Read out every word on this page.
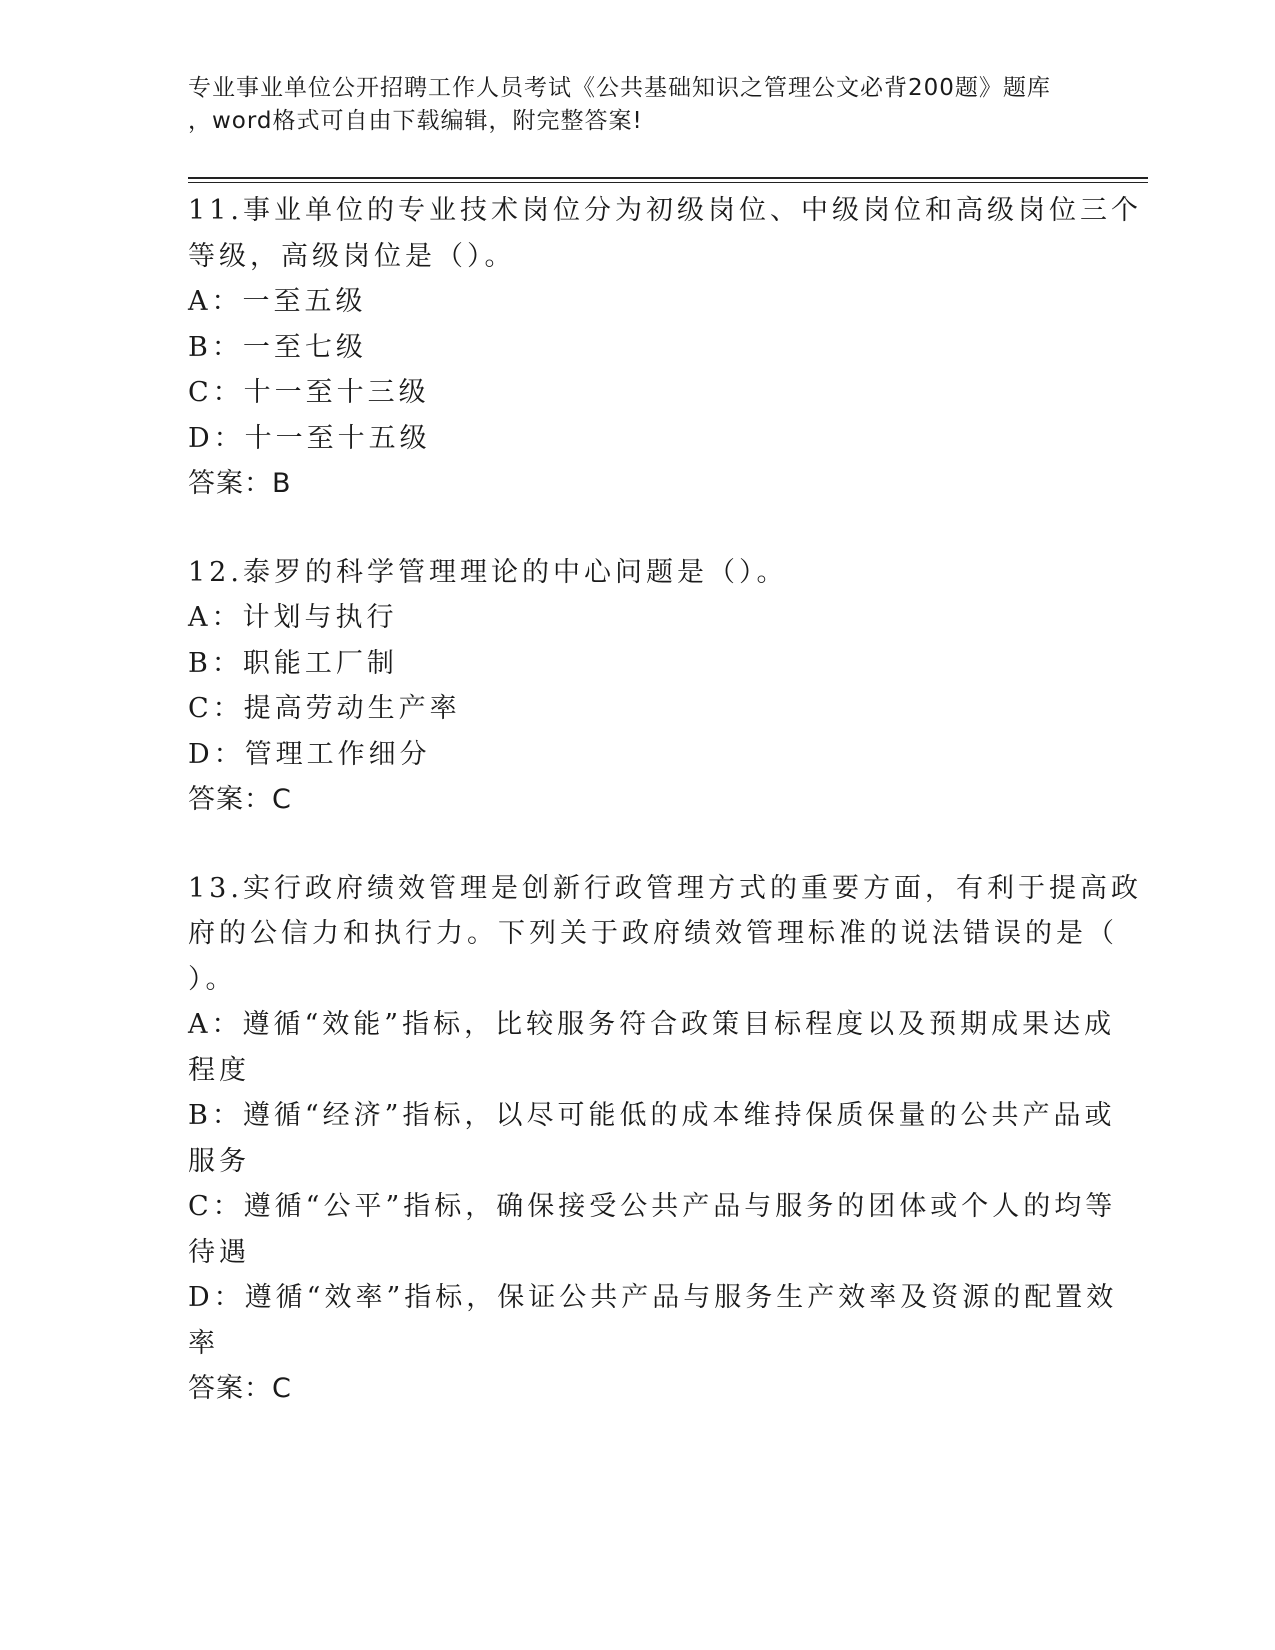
专业事业单位公开招聘工作人员考试《公共基础知识之管理公文必背200题》题库
，word格式可自由下载编辑，附完整答案!
11.事业单位的专业技术岗位分为初级岗位、中级岗位和高级岗位三个
等级，高级岗位是（）。
A：一至五级
B：一至七级
C：十一至十三级
D：十一至十五级
答案：B
12.泰罗的科学管理理论的中心问题是（）。
A：计划与执行
B：职能工厂制
C：提高劳动生产率
D：管理工作细分
答案：C
13.实行政府绩效管理是创新行政管理方式的重要方面，有利于提高政
府的公信力和执行力。下列关于政府绩效管理标准的说法错误的是（
）。
A：遵循“效能”指标，比较服务符合政策目标程度以及预期成果达成
程度
B：遵循“经济”指标，以尽可能低的成本维持保质保量的公共产品或
服务
C：遵循“公平”指标，确保接受公共产品与服务的团体或个人的均等
待遇
D：遵循“效率”指标，保证公共产品与服务生产效率及资源的配置效
率
答案：C
